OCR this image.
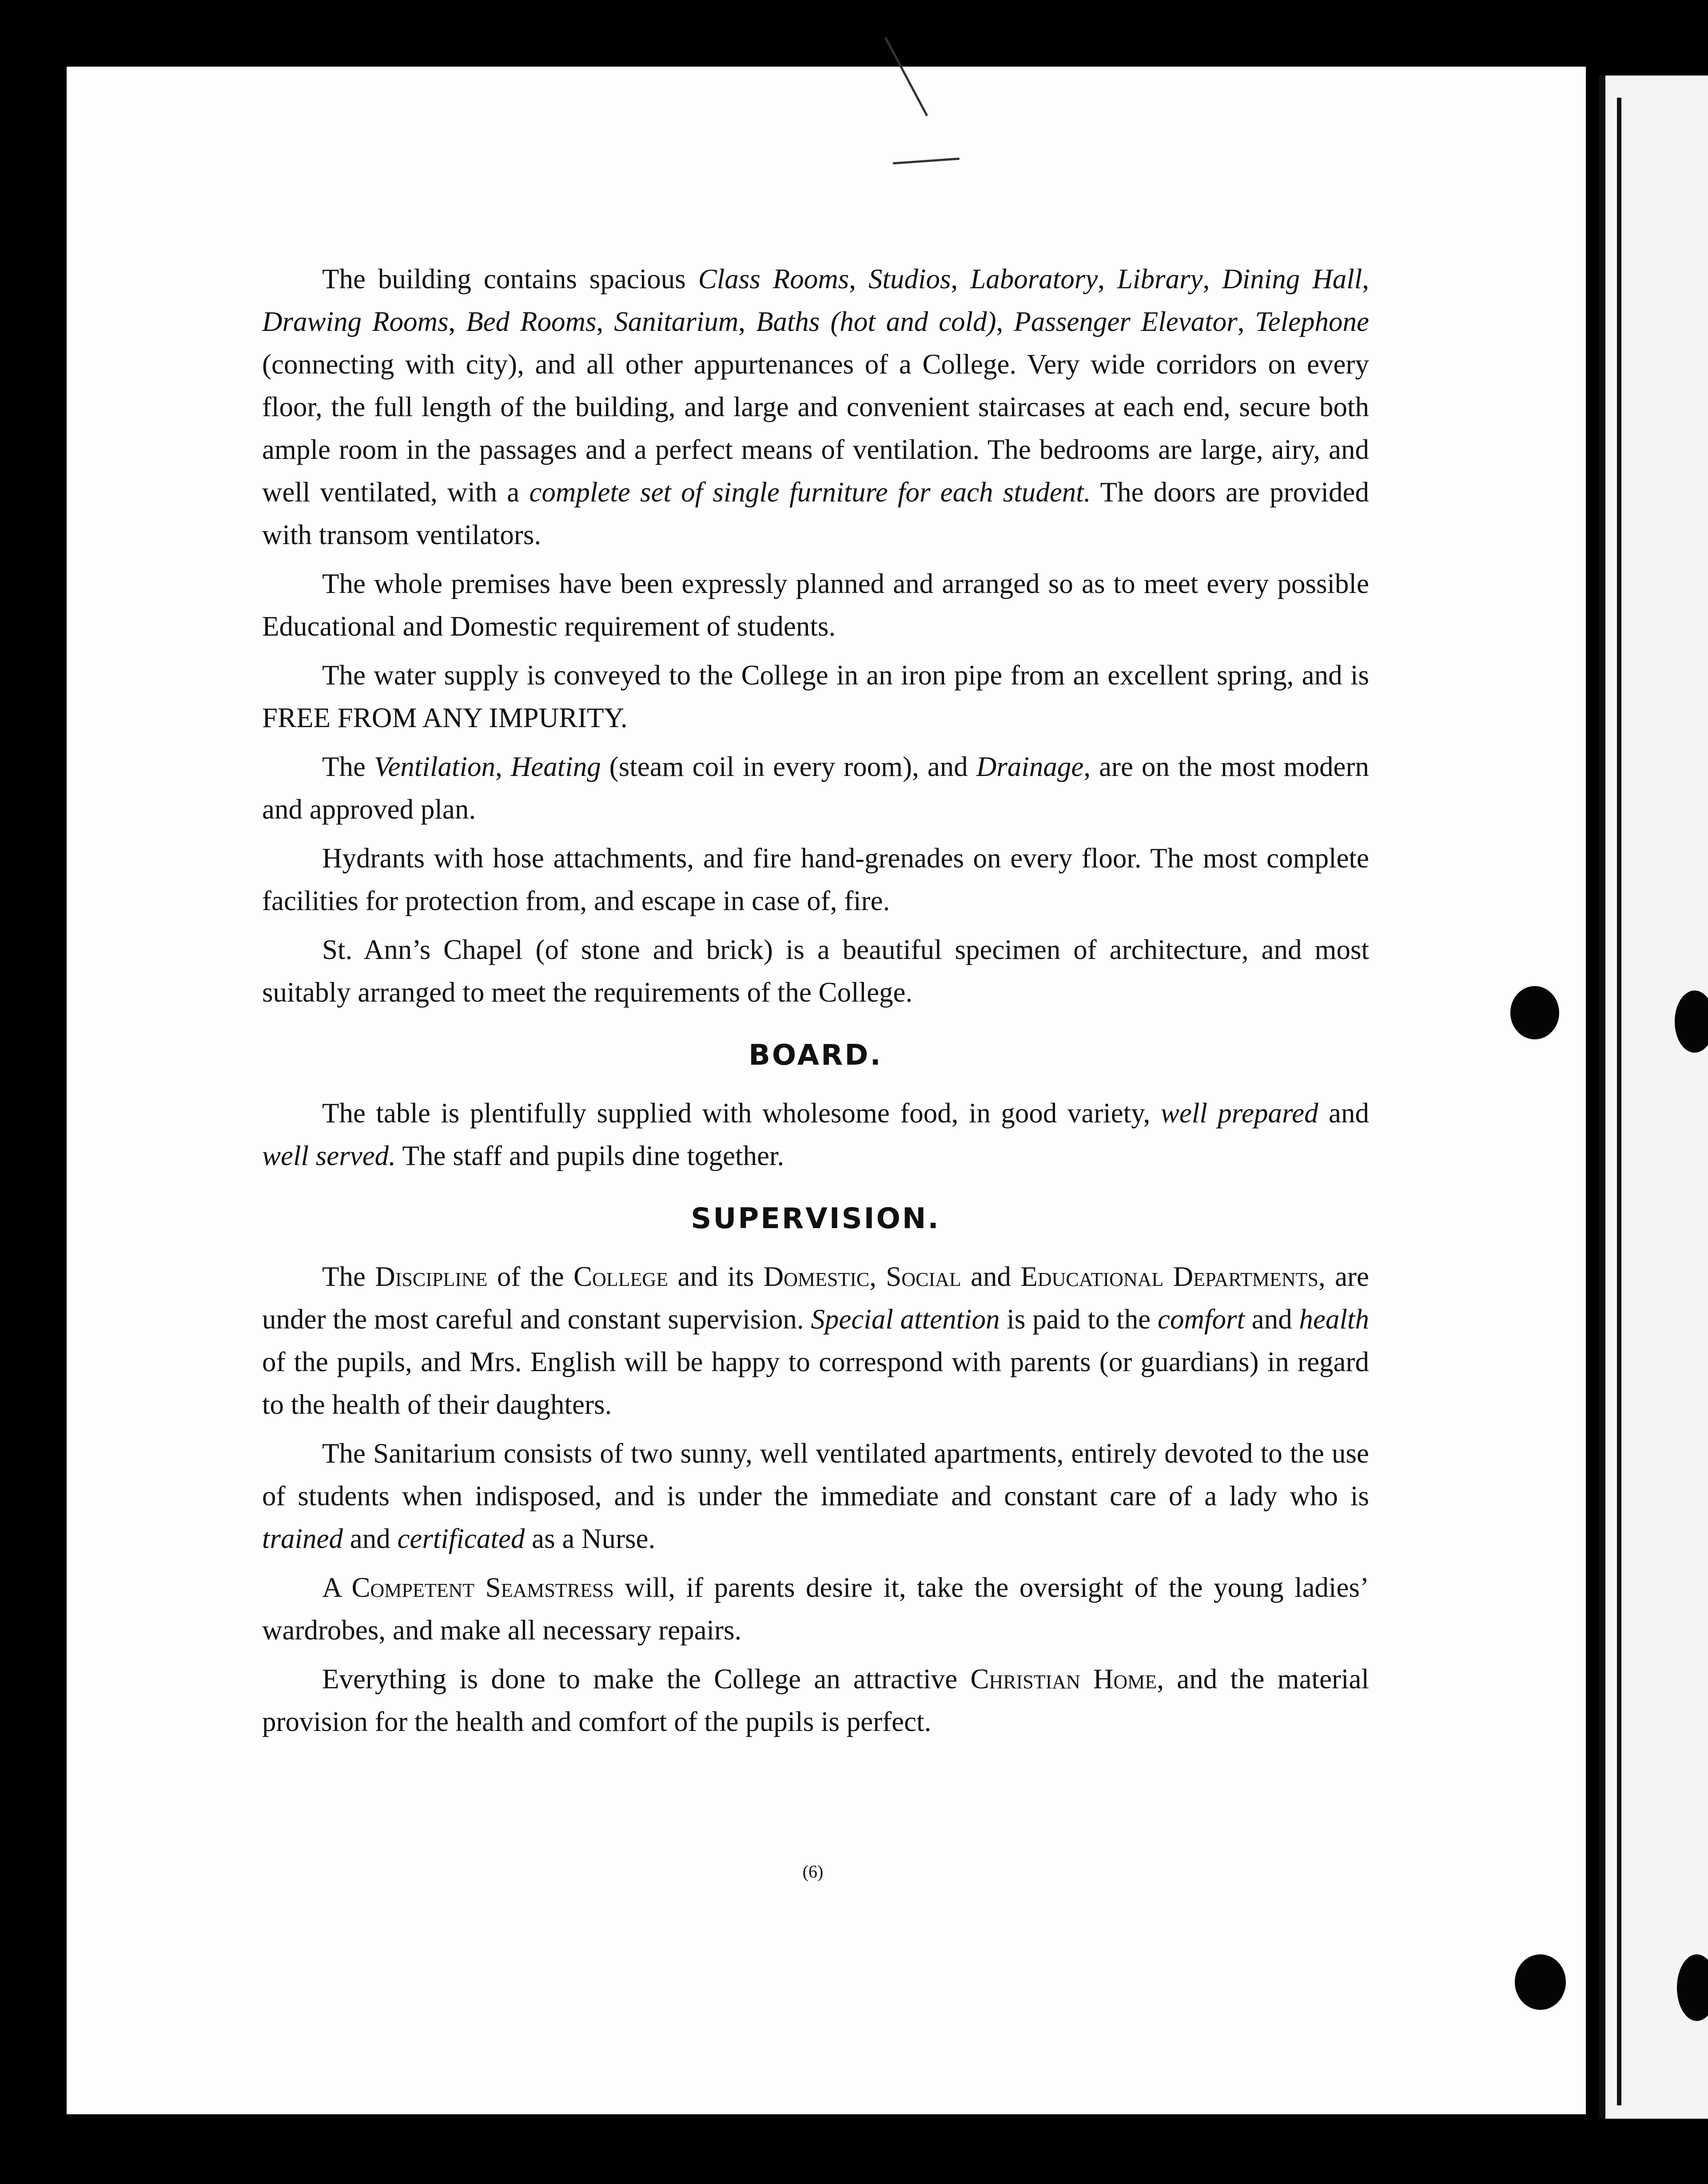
The building contains spacious Class Rooms, Studios, Laboratory, Library, Dining Hall, Drawing Rooms, Bed Rooms, Sanitarium, Baths (hot and cold), Passenger Elevator, Telephone (connecting with city), and all other appurtenances of a College. Very wide corridors on every floor, the full length of the building, and large and convenient staircases at each end, secure both ample room in the passages and a perfect means of ventilation. The bedrooms are large, airy, and well ventilated, with a complete set of single furniture for each student. The doors are provided with transom ventilators.

The whole premises have been expressly planned and arranged so as to meet every possible Educational and Domestic requirement of students.

The water supply is conveyed to the College in an iron pipe from an excellent spring, and is FREE FROM ANY IMPURITY.

The Ventilation, Heating (steam coil in every room), and Drainage, are on the most modern and approved plan.

Hydrants with hose attachments, and fire hand-grenades on every floor. The most complete facilities for protection from, and escape in case of, fire.

St. Ann’s Chapel (of stone and brick) is a beautiful specimen of architecture, and most suitably arranged to meet the requirements of the College.

BOARD.

The table is plentifully supplied with wholesome food, in good variety, well prepared and well served. The staff and pupils dine together.

SUPERVISION.

The Discipline of the College and its Domestic, Social and Educational Departments, are under the most careful and constant supervision. Special attention is paid to the comfort and health of the pupils, and Mrs. English will be happy to correspond with parents (or guardians) in regard to the health of their daughters.

The Sanitarium consists of two sunny, well ventilated apartments, entirely devoted to the use of students when indisposed, and is under the immediate and constant care of a lady who is trained and certificated as a Nurse.

A Competent Seamstress will, if parents desire it, take the oversight of the young ladies’ wardrobes, and make all necessary repairs.

Everything is done to make the College an attractive Christian Home, and the material provision for the health and comfort of the pupils is perfect.

(6)
